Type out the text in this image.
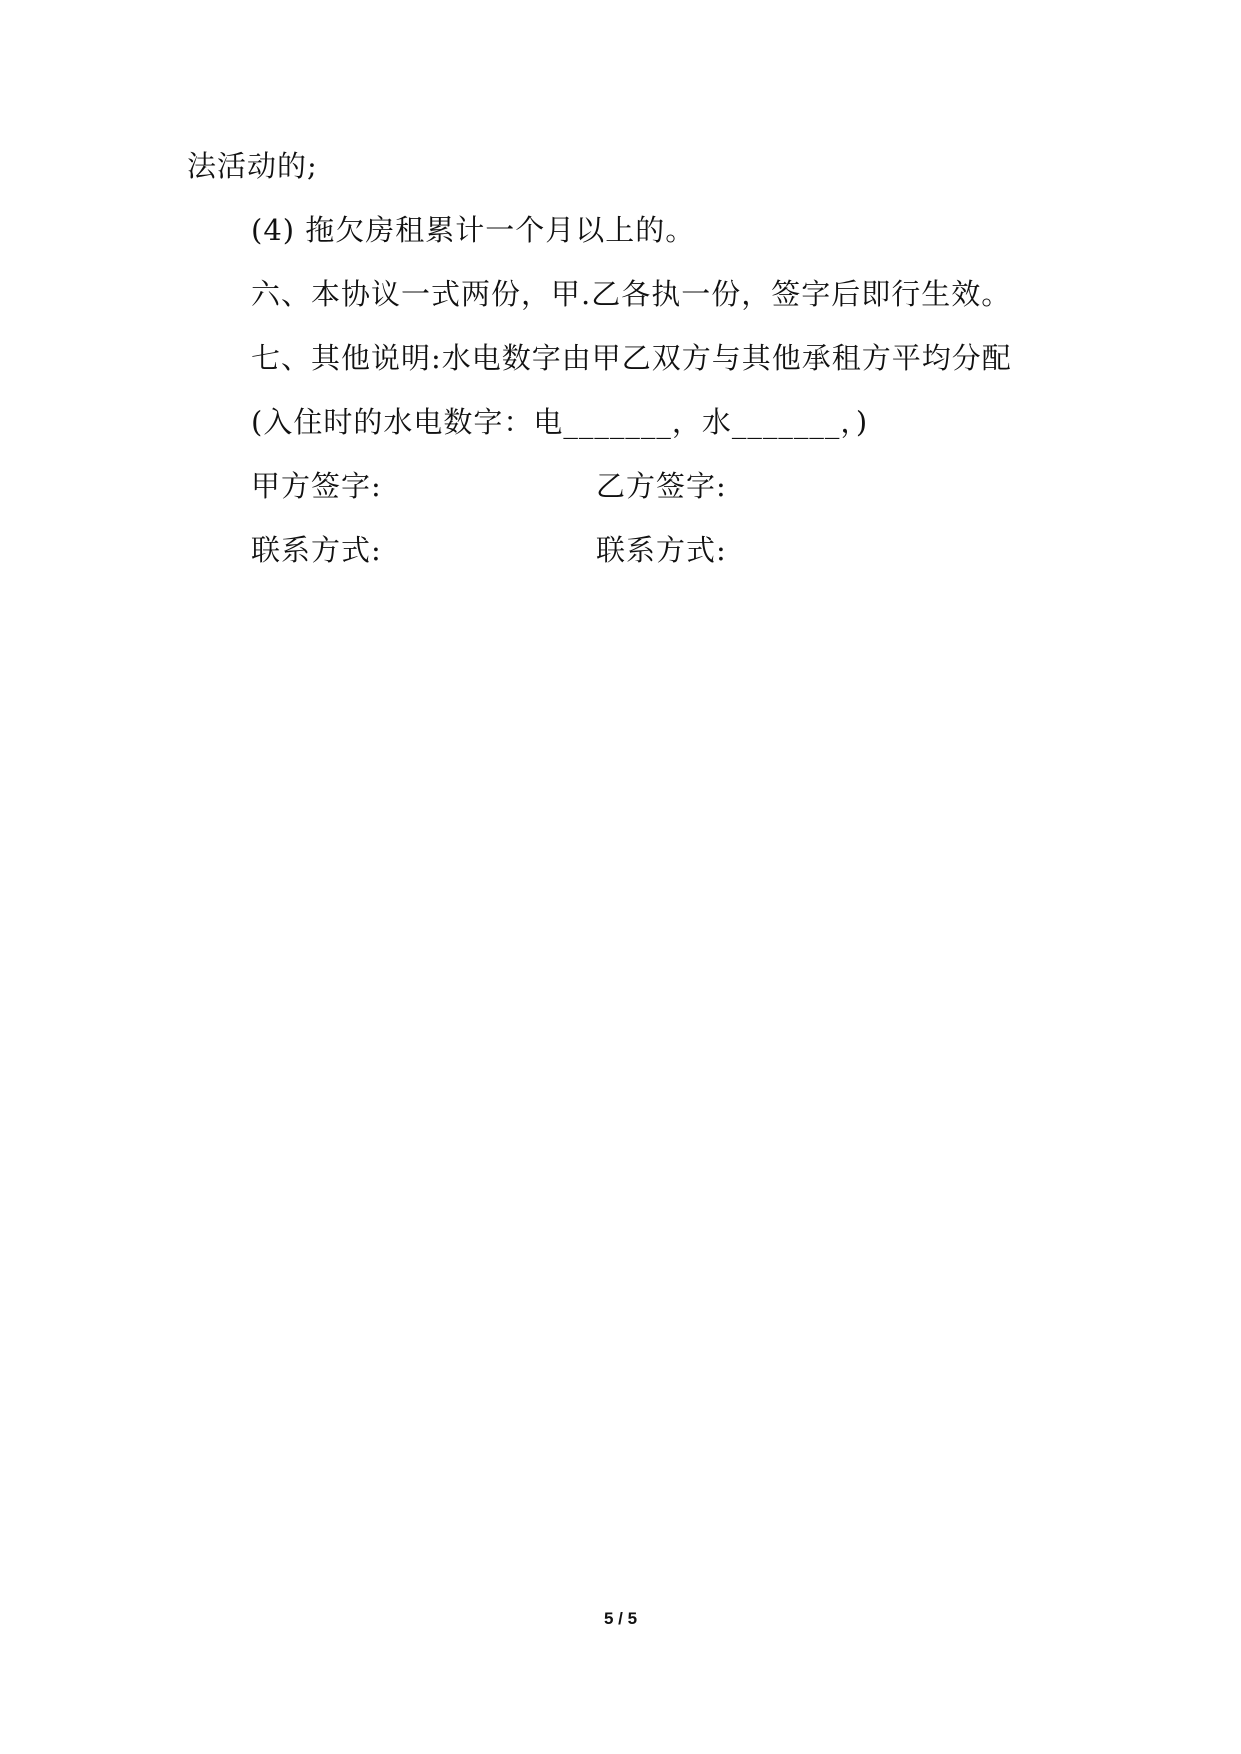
法活动的;
(4) 拖欠房租累计一个月以上的。
六、本协议一式两份，甲.乙各执一份，签字后即行生效。
七、其他说明:水电数字由甲乙双方与其他承租方平均分配
(入住时的水电数字：电_______，水_______，)
甲方签字:	乙方签字:
联系方式:	联系方式:
5 / 5
